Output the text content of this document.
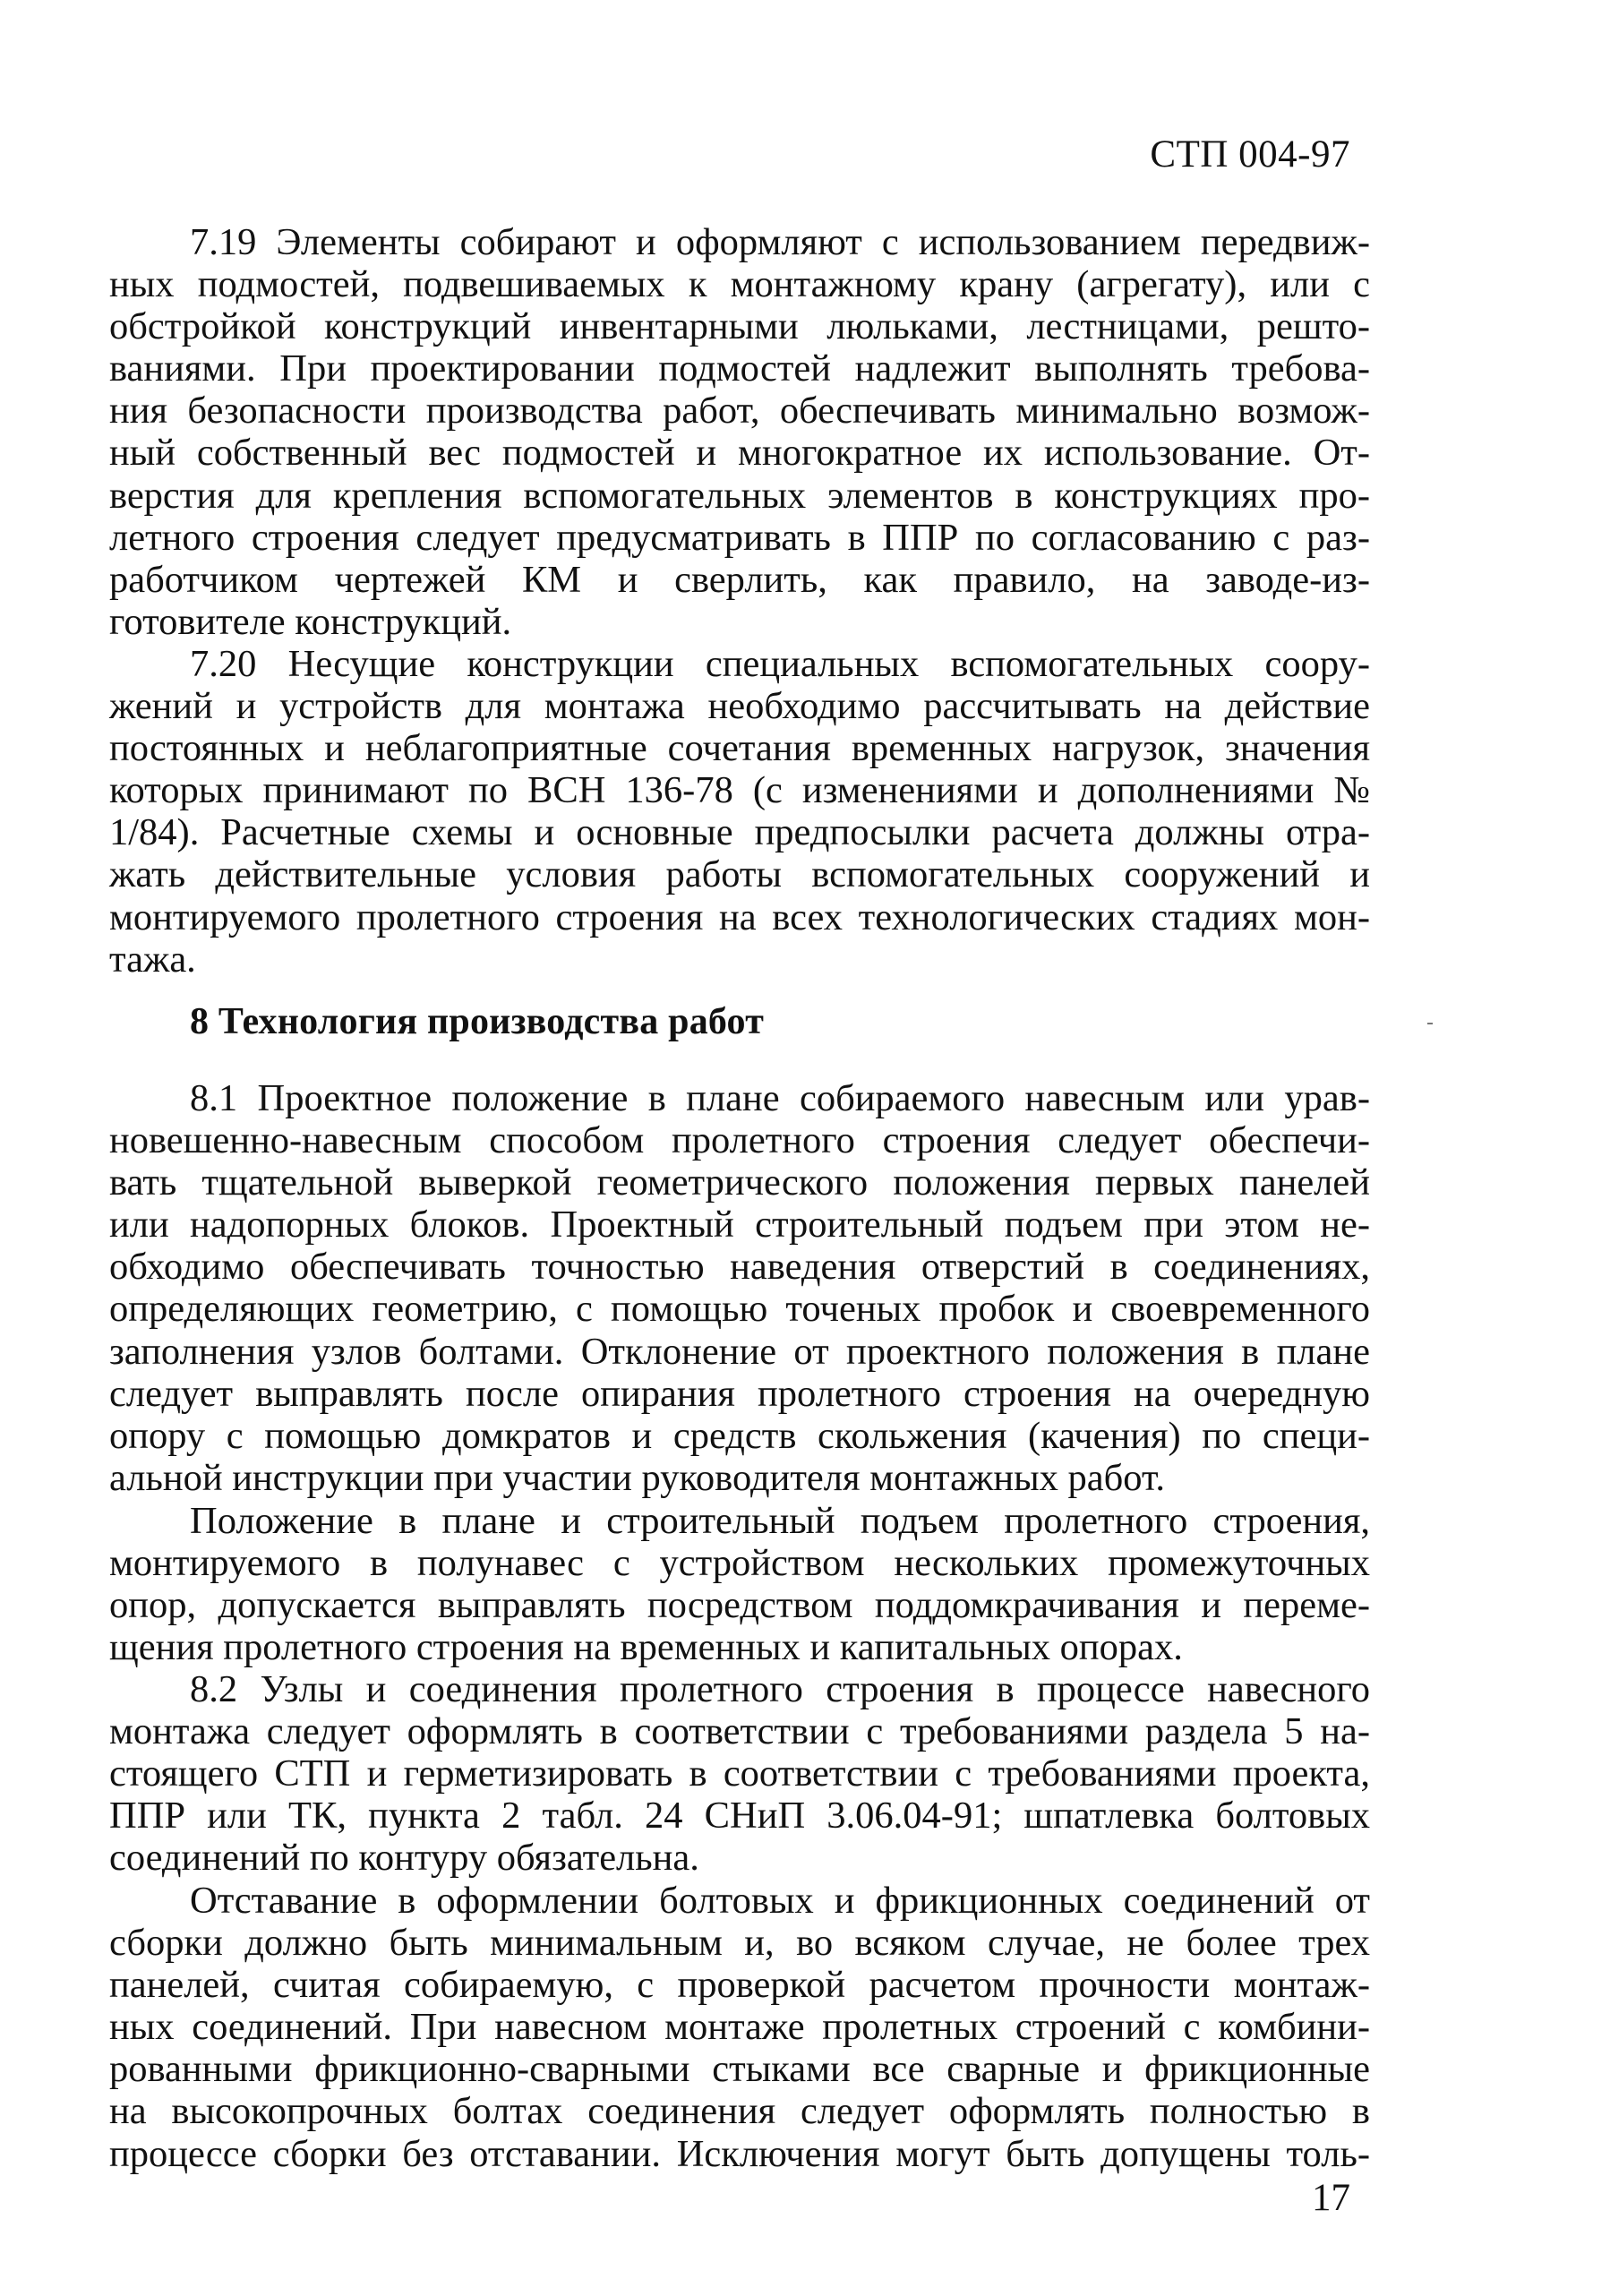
СТП 004-97
7.19 Элементы собирают и оформляют с использованием передвиж-
ных подмостей, подвешиваемых к монтажному крану (агрегату), или с
обстройкой конструкций инвентарными люльками, лестницами, решто-
ваниями. При проектировании подмостей надлежит выполнять требова-
ния безопасности производства работ, обеспечивать минимально возмож-
ный собственный вес подмостей и многократное их использование. От-
верстия для крепления вспомогательных элементов в конструкциях про-
летного строения следует предусматривать в ППР по согласованию с раз-
работчиком чертежей КМ и сверлить, как правило, на заводе-из-
готовителе конструкций.
7.20 Несущие конструкции специальных вспомогательных соору-
жений и устройств для монтажа необходимо рассчитывать на действие
постоянных и неблагоприятные сочетания временных нагрузок, значения
которых принимают по ВСН 136-78 (с изменениями и дополнениями №
1/84). Расчетные схемы и основные предпосылки расчета должны отра-
жать действительные условия работы вспомогательных сооружений и
монтируемого пролетного строения на всех технологических стадиях мон-
тажа.
8 Технология производства работ
8.1 Проектное положение в плане собираемого навесным или урав-
новешенно-навесным способом пролетного строения следует обеспечи-
вать тщательной выверкой геометрического положения первых панелей
или надопорных блоков. Проектный строительный подъем при этом не-
обходимо обеспечивать точностью наведения отверстий в соединениях,
определяющих геометрию, с помощью точеных пробок и своевременного
заполнения узлов болтами. Отклонение от проектного положения в плане
следует выправлять после опирания пролетного строения на очередную
опору с помощью домкратов и средств скольжения (качения) по специ-
альной инструкции при участии руководителя монтажных работ.
Положение в плане и строительный подъем пролетного строения,
монтируемого в полунавес с устройством нескольких промежуточных
опор, допускается выправлять посредством поддомкрачивания и переме-
щения пролетного строения на временных и капитальных опорах.
8.2 Узлы и соединения пролетного строения в процессе навесного
монтажа следует оформлять в соответствии с требованиями раздела 5 на-
стоящего СТП и герметизировать в соответствии с требованиями проекта,
ППР или ТК, пункта 2 табл. 24 СНиП 3.06.04-91; шпатлевка болтовых
соединений по контуру обязательна.
Отставание в оформлении болтовых и фрикционных соединений от
сборки должно быть минимальным и, во всяком случае, не более трех
панелей, считая собираемую, с проверкой расчетом прочности монтаж-
ных соединений. При навесном монтаже пролетных строений с комбини-
рованными фрикционно-сварными стыками все сварные и фрикционные
на высокопрочных болтах соединения следует оформлять полностью в
процессе сборки без отставании. Исключения могут быть допущены толь-
17
